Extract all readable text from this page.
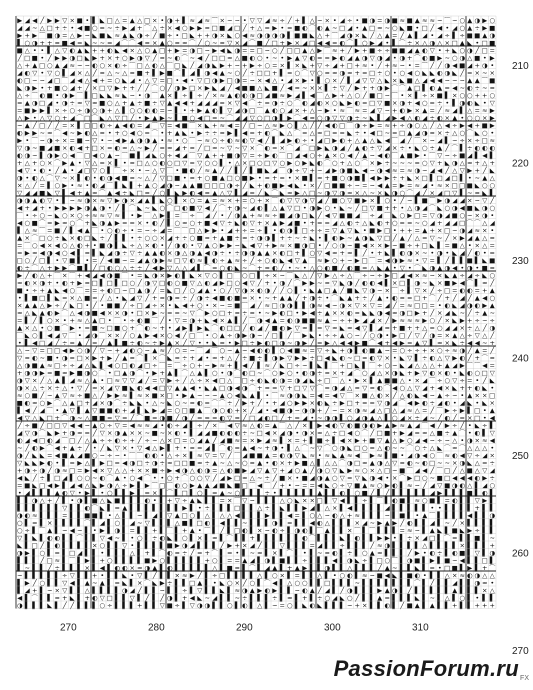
▶ ◢ ◀ ╱ ▶ ▶ ▽ × ■ • ▌ ◣ □ △ = ▲ △ □ × • ◑ + ▌ ≈ ◢ ≈ ⌒ × ∼ ∼ • ▽ ▽ ◢ ≈ ÷ ╱ + ▌ △ ∼ × • ◢ ÷ • ■ ◑ = ◑ ■ ≈ ■ ▲ ≈ ≈ ∼ ⌒ ∼ ○ ▲ ◑ ▶ ○
◢ ◢ ∼ △ □ + ÷ • ◀ ■ ○ = ∼ ÷ ▶ ◢ + ⌒ △ ÷ × ◀ ○ ▶ ▶ ≈ □ ■ ◢ □ ╱ + △ = ▶ • = ■ ◐ ⌒ ◐ ▲ ∼ □ ◢ • ▲ □ ≈ ∼ ○ ◣ ■ • □ ╱ ◀ • ◢ ○ ▲ ÷ ▶ ■
▶ + ▶ ⌒ ■ ◑ = △ ▶ ∼ ◣ ■ ◣ ≈ ▲ ◣ ◑ ÷ ╱ ■ ÷ • □ ◣ + + ◑ × ◣ ○ ◀ ≈ ◑ ◑ ◑ ◑ ▌ ■ ■ ◣ △ + ⌒ ◢ ◑ × ◣ ╱ △ ▲ = ╱ ▲ ▌ ◢ • ◢ ÷ ▌ ÷ ■ ■ ▲ ◑
▌ ○ ◑ + + ≈ ■ ◀ = ◣ ∼ ∼ = ◢ ⌒ ⌒ ◀ ≈ × ▲ ○ ≈ ≈ ⌒ ╱ ○ ∼ ≈ ▽ × ◢ ⌒ ■ ╱ □ + ▶ × ◢ □ ◀ ◀ = ◐ ⌒ ▌ ○ ▶ ◢ • ▌ ⌒ ÷ × △ ◑ △ × □ ▲ ◣ • □ ■
■ △ • • ▌ △ ▽ ◐ ▲ ◣ + + ◐ ◣ ◀ × △ ○ ▲ □ + ▶ = ◑ □ ∼ ▶ ◀ ◣ ◑ = = □ ∼ ○ ╱ □ □ ▲ △ ▶ ⌒ ≈ + ╱ ▶ + ■ ÷ ÷ ■ ■ ◢ ▲ ◐ ▽ • + ◣ ○ ◑ ╱ □ =
╱ □ ■ • ╱ ▶ ▶ ◑ □ ◣ ▶ + × + ○ ▶ ◑ ▽ ╱ ≈ ∼ ◐ ⌒ ∼ ◀ ╱ □ □ ≈ △ ■ ◐ ○ • ∼ • ▶ ▲ ▽ ◐ = = ▶ ◐ ◢ ▲ ◑ ▽ ◑ ◢ • ◑ + ⌒ ◐ ■ ▶ ∼ ○ ◑ △ ■ • ▶
△ + ▲ □ ○ ▲ ◢ ≈ ∼ ∼ ◐ ○ × ◐ ÷ ⌒ □ △ ◐ △ ⌒ □ ◣ ╱ ◢ ◑ ◣ ▶ + ∼ + ▶ ÷ ○ = × ▌ × ◣ + ▽ ÷ ◢ + □ + ≈ • ╱ + ≈ ∼ • = ⌒ ╱ ╱ ◑ ◀ ■ ◢ + ◑ •
◢ ◐ ▽ • ▽ ○ ▌ ◢ × △ ╱ ≈ △ ∼ △ ≈ ■ + ▌ ▶ ■ ⌒ ▌ ◢ ▌ ◑ ◀ ▲ ∼ ○ ╱ ÷ □ □ + ▌ = ○ ⌒ ▽ ○ ≈ ≈ ◑ ≈ + = □ ÷ ○ • ○ ◀ ○ ◣ ◣ ◐ ◑ ◣ ╱ = × ∼ ×
◐ □ ∼ ∼ ◢ □ ⌒ ◢ ◀ △ ◀ + = ○ ◣ ◢ • △ ▽ = □ • ◀ • ▽ □ ◑ ▶ □ ◑ = ∼ × ◀ △ • ◢ × ▶ • ▌ ○ × ╱ ▌ ◢ ▽ ▽ △ ◣ × ◣ ■ △ ◢ ◀ ◀ ∼ ∼ ∼ ▲ ▲ ⌒ ■
◣ ◑ ▶ • + ■ ○ ◢ + ╱ × □ ▽ ▶ + + ╱ ╱ ⌒ ○ ╱ ◑ ▶ □ × ▶ ◣ ◢ ╱ ◀ ■ ■ △ ◣ ■ ╱ ◀ ≈ ∼ × × ▌ ÷ ▽ ╱ ▶ + + ◑ ▶ ⌒ ⌒ ▲ □ ▌ ◐ ▲ = ◀ ∼ ◐ ÷ ∼ ≈
△ ÷ ⌒ ◐ ■ • ◑ ▶ ⌒ ▌ □ ◣ ◣ ≈ ◣ ∼ • ◑ ⌒ ▲ × ▌ ÷ ▌ ÷ ╱ × ≈ ▲ ◐ ◐ ◑ □ ◢ ■ ≈ ▶ ◢ ▌ ◀ ⌒ △ ▶ + △ ○ ╱ ■ □ ∼ ⌒ • × ▌ ÷ × ■ ▌ × ○ ○ + + ○
= ▲ ◑ □ ◢ • ◑ ÷ ≈ ▽ ≈ ■ ○ △ + ▲ ÷ ■ ÷ ▽ ▲ ◀ ◀ + ◢ ◢ ◢ = × ▽ ◀ ⌒ ÷ = ◑ ÷ ○ ⌒ ◐ ◢ ◐ × ○ ◣ ▶ ◐ = □ ▽ ■ × ◑ + ◀ ○ = ÷ • ▌ ◑ ◐ ◣ • ▽
= ■ ▶ ▶ ▌ × ÷ ○ ÷ ◑ ○ ◑ + △ ▌ ○ ○ ◐ ◐ = ∼ ▌ • + ▶ ▲ ◐ ▌ ▽ ◢ ◑ □ ⌒ ▲ ◐ ○ ◢ × + △ ∼ ▶ • ≈ ⌒ ≈ = ◢ ▽ ∼ + ◐ ▶ × ▲ = ╱ ≈ ◢ ▌ △ = ≈ ▶
△ ▶ • △ ▽ ○ + ◢ ⌒ □ ⌒ ◣ △ ▽ □ ╱ • ▶ ▲ ▶ ∼ ▌ ■ ○ ◀ □ = ∼ ⌒ ◢ ◢ ▽ ○ □ ◑ ▌ ▶ ⌒ ◀ ≈ ○ ◑ ▽ ▽ ◑ ÷ ∼ ◣ ▌ ◢ ▶ ◀ △ ◐ ◢ ÷ ◐ × ▲ • ○ ○ × ▶
∼ ▲ ╱ □ ╱ ╱ = × ▌ □ □ ◐ ÷ ▲ ◀ ◐ = ◢ ⌒ ▽ = ◀ ■ ⌒ × ◣ + ≈ ◀ = ╱ □ ∼ △ ≈ ▶ ○ ▌ △ ╱ ╱ ◀ ◐ □ ⌒ ◑ ÷ ▶ = ≈ + ÷ ◑ ○ △ ╱ △ ◀ ÷ ▶ ◀ + ■ ▶
◐ ▶ ▶ ∼ ≈ ⌒ ◀ ∼ ▶ ◐ △ ≈ • + ○ ◀ ○ = ⌒ • + ▲ ◣ • ▶ ÷ ÷ ≈ ▶ ▌ ◀ = + ◐ ⌒ ◣ △ ⌒ = △ ≈ □ = = ◣ ÷ • ◀ □ ∼ = □ ▲ ◢ ◑ ≈ × ÷ △ ○ ⌒ ◣ ○ •
▶ • ⌒ ∼ ◑ ÷ × = ■ ∼ ▽ • ∼ ◀ ▶ ▲ ◑ ◑ ▲ • ≈ • ○ ⌒ ∼ ≈ ○ ÷ ◐ ≈ ◐ ▽ ◀ ╱ ▌ ◢ ▶ ◐ ÷ • ◢ □ ▶ ◐ + △ ▲ △ ◣ ◀ ⌒ ◢ ╱ ⌒ × ∼ ◢ ▌ ∼ ÷ × ÷ □ ≈
▽ ◑ ∼ ■ ◢ ■ × ◐ ◀ + □ × = ◐ ≈ △ ∼ ▶ ╱ = ≈ ◢ + ≈ ╱ □ ≈ ∼ ▽ ∼ ▽ × ⌒ ◐ = × ⌒ ◢ ⌒ □ ▶ ◣ ◑ ◢ ╱ ▲ ◐ ÷ ▽ ◢ × ÷ • ◣ ○ ÷ ▲ ╱ ⌒ ▌ ÷ ◐ ◐ ◐
◐ ◑ ∼ ▌ ◑ ▶ ○ ◀ ⌒ □ ◀ ○ ▲ ∼ ⌒ ■ ▌ ◢ ◣ ○ ÷ ◀ ◢ ⌒ ▽ ▲ + + ■ ◑ ▽ = ÷ ▶ ◐ ⌒ □ ◢ ◀ ○ ÷ ▲ × ○ ◀ ╱ ▲ ∼ ◀ ◐ ⌒ ▲ ■ ▶ • ⌒ ▽ ∼ ÷ ■ ◢ ▌ ◀ ▌
+ △ + ○ × ⌒ ▶ ▲ • ▽ △ = × ▌ • ≈ □ △ ○ ◐ ○ □ ▽ = ▽ ○ ○ ▌ • △ × □ ○ □ ▽ ○ ▶ ○ ▶ ◣ ◐ ⌒ ○ + △ ○ ⌒ × ▶ ÷ ∼ ∼ ∼ = ○ ▽ + ◣ ◑ △ ≈ + △ +
◀ ▽ • ◐ • ╱ ▲ • ◢ □ ▽ ○ ▌ ⌒ ÷ × • ∼ △ ▽ ⌒ • ■ ◐ ╱ ≈ ▲ ╱ ╱ ▌ ╱ ▌ ■ ◣ ◢ ⌒ ◑ ÷ ▽ + ∼ ◢ ▶ ◑ ■ ◣ ◀ ∼ ◑ ◀ ≈ = ≈ ◑ ∼ ◢ ◀ ╱ △ ▽ ▶ + ╱ ◣
◑ • ◐ △ ⌒ ▽ ∼ × ▌ ◐ • ◐ ◑ ◀ ■ ≈ ∼ △ ╱ ▽ □ ■ • ≈ + ○ ■ ▲ □ ○ ■ ▶ • ≈ + = • × ■ ▌ ≈ + ■ ○ ◑ ■ ▌ ◀ ▶ ▶ ÷ + ◣ × □ ▌ □ ◢ □ ▌ • ∼ ▲ △
× △ ╱ = ▌ ○ ▶ • ≈ • ◐ ◢ ⌒ ▌ ◣ ▌ + ▲ ○ ◢ ◑ ∼ ▲ ▲ ■ □ □ □ ◑ ÷ ╱ ◣ + ◐ ■ ▶ ◀ ◣ • × ╱ □ ■ ■ ÷ ∼ = ∼ ◀ ▲ = ▶ = ≈ ◢ • ≈ × □ □ ■ ◣ ○ ○
▽ ◢ ◢ ■ ◣ ▽ ▌ ◀ + ▲ ≈ ⌒ ▲ ◀ ÷ ◣ □ ≈ ╱ ○ ▌ ◣ ▶ ◐ ◀ ≈ ▲ △ ▽ ▌ ◢ = ╱ ◣ ⌒ ◣ ≈ ▶ △ □ ∼ ◑ ▽ ◑ ≈ × △ ∼ × ◣ ◑ ○ ⌒ ◢ ╱ × ◢ □ ▽ ▌ ∼ ≈ ◣ ▌
◑ ◑ ▲ ◐ ▽ • ▌ ∼ ≈ ◑ × ≈ ▽ ▶ ◑ × ◢ ▲ ▌ ◣ ○ ▌ × ○ = ▲ = ≈ × + = ○ + × ⌒ ◐ ▽ ▽ ◑ ▽ ◢ ╱ ■ ○ ▽ ■ ▶ × ▌ ○ • ╱ ∼ ▌ ■ ⌒ ▶ ◑ ◢ ◢ × ∼ ▽ ╱
◀ + ◢ + • ▶ ▶ ▶ ▶ ◑ ▲ ◑ • ╱ ▌ ⌒ ◣ ∼ ◣ ○ ⌒ □ ◐ ■ ▽ ◀ ╱ ⌒ + ◑ ∼ ◢ ◐ ▌ △ ▲ ▽ □ • ◑ ▶ ○ • ◣ ∼ ╱ □ ▽ ■ + + • △ ◑ ◢ ⌒ ◣ ○ ◑ ◀ ■ ◣ ◑ ○
⌒ • ÷ ○ ∼ ◣ ○ × ○ ÷ ≈ ≈ ▽ ≈ ▌ • ▶ ⌒ △ ▶ ▌ = ⌒ ÷ ⌒ ◢ ╱ • ╱ ◑ ▲ + ≈ ≈ ÷ ■ ◢ ◑ □ ◣ ╱ ◀ ▽ ■ ■ ◢ ⌒ ÷ ◢ ⌒ ◣ ○ ▶ □ = ▽ ◑ ◢ ■ ○ ∼ × ◑ •
◀ ○ ■ ⌒ = ▶ ≈ ○ ⌒ + ◣ ◑ ▲ ▶ = = × • ◐ ╱ ▌ ○ ≈ ○ + ■ ◀ ▽ ÷ ◣ ◐ ▽ + × ▲ ▶ ◢ ■ • + = = ◢ △ ◐ ÷ △ ◣ ◐ + ○ = = ∼ ○ ◢ + ◢ ◢ □ ⌒ ⌒ △ ◢
▌ △ ≈ ⌒ = ■ ╱ ▌ ◀ ▲ ⌒ • ○ ◐ ÷ • = ∼ ÷ ◢ = ⌒ ⌒ □ △ ▶ ▶ • ◢ + ÷ = ÷ ▌ • ◐ ◑ ▌ □ ÷ ÷ = ▽ ▲ ▽ ◣ • ■ ▶ □ • + + = ▲ + × □ ∼ ◑ ◢ ≈ × •
▲ × ⌒ □ ○ ÷ ◣ × ◐ □ ◣ ÷ ╱ ▌ ▌ • ÷ ○ ○ × ◢ + ÷ ○ ■ ≈ + ▲ ■ ÷ ≈ ÷ ◑ ◑ ▌ + ÷ ∼ ÷ ◣ • ▌ ◐ ▶ ∼ ▲ ◑ ◣ ▽ □ ╱ ▲ ╱ △ = ▽ ∼ ╱ × ▶ ◢ ▲ △ ≈
= ⌒ ○ ◀ × ◀ ○ △ ◐ + • ■ ◑ ▌ ◣ ÷ △ × ◐ • ╱ ◑ ◐ • ▽ ▲ ○ ▶ ▶ ∼ ◣ ◀ ▽ + ▶ ≈ × ■ ◑ □ • ╱ ○ ◑ ∼ ■ ◀ × × ▶ ∼ ■ ÷ + □ ◣ ▌ = ■ △ • × △ =
= ▶ ≈ ◀ ◑ ◀ ○ ◀ ▌ ≈ ▌ ◣ ◢ ◑ ÷ ▽ ÷ ▲ ▲ ◐ × ◑ △ ◑ ▲ ◀ ◑ ÷ • ÷ ◑ ◑ ▲ ▲ × ◐ □ + ▌ ○ ▽ ◀ ≈ + ≈ ▌ ╱ • + ◣ ▌ ◐ ◑ × ∼ • ◑ • ◣ ◢ ╱ ◐ • =
□ ○ ╱ □ ▌ • ▽ ■ ▌ • = ╱ ◀ ■ ∼ = ◢ ▲ ◑ ▶ ≈ □ ▽ ◐ ≈ ▌ ◐ ÷ ▲ ≈ ÷ ╱ ÷ ○ ◐ ◣ ◀ ▽ ▲ ⌒ ≈ ▶ ○ + ∼ ▶ □ ⌒ = ◀ ◑ ▶ ≈ • ▽ = ▌ ╱ ▌ ▌ ■ ▌ ◣ ■
◐ ÷ ⌒ △ + ▶ ▶ ⌒ ■ ▌ ╱ □ ◐ ○ △ ÷ ÷ ╱ ◀ ▶ ▽ △ △ ◢ ▌ ⌒ = ○ ◐ ◣ ∼ ⌒ + ≈ ◐ ╱ • ∼ • △ ○ ◐ ■ ╱ ◐ ■ = △ ◣ ▲ • ▽ • ⌒ ◣ ◑ ▲ ◑ ◀ • ◑ • ■ ≈
▶ ╱ ◐ △ + ⌒ × ⌒ + ◀ ◢ ◀ ◑ ■ ⌒ • = ◣ ◑ × ▶ ◐ ▌ ◣ × ▽ ○ ▌ □ ⌒ ○ □ ▌ ÷ × ∼ ⌒ ◣ △ ╱ ▽ ▶ △ ÷ △ ⌒ ÷ ∼ ÷ ▶ □ ◢ ◀ × ≈ ∼ × ◣ ▲ ÷ ◢ ÷ ◣ ○
≈ ◐ × ◑ + • ◐ + ▶ ≈ □ ▌ □ ▌ □ ○ ╱ ◑ ▽ □ ◐ ○ ■ ▽ △ ◐ ◢ ▶ □ ○ ◀ ▽ ╱ + • ◑ ╱ ⌒ ▶ ▶ ∼ ≈ ▽ ◣ ◑ ╱ ◐ ◐ ◀ ▌ × □ ▌ ◑ ∼ ◣ × ■ ▶ ◀ ⌒ ▌ ≈ ╱
■ • ÷ + ▲ ◣ ◀ ○ ⌒ = = ÷ ◐ □ ∼ □ ▲ ◑ ╱ = ◣ □ ╱ ○ ◢ ▲ • ○ ╱ ▽ ◑ × ◐ ◑ ╱ ╱ ○ ▌ • ◣ ▲ □ ▲ ╱ ■ ◣ ▽ ◑ ∼ × ⌒ ÷ ▌ ▽ × ╱ ÷ □ = ◐ ◐ = + ▲
• ▌ ■ □ ▌ ◣ = × △ ■ ≈ ╱ △ • ◣ ◢ ▽ ╱ + ≈ ◑ ≈ ÷ ╱ ◑ ÷ ◀ ■ ◐ ■ = × • ∼ + ▲ ▲ ╱ + ◑ ÷ • ⌒ ◣ ▲ + ÷ ╱ ▲ • ◐ ≈ = □ + ⌒ ╱ + ╱ ◢ ╱ ▲ ◀ ○
× ▲ ▲ △ ▶ ÷ ╱ ◣ □ • ╱ • ■ ■ ╱ ÷ □ ◢ ÷ × • ◣ ◀ + ○ • × ∼ = ■ ⌒ ◢ ╱ ≈ □ ◑ ◑ ▌ ▌ ◑ ≈ ◀ ∼ ◑ × ▽ × ▽ = ◢ ╱ = ≈ □ □ = • ◐ ◣ ◢ ◑ ◐ ▶ ▲
≈ △ ◣ ▲ ◐ ▶ ⌒ △ ◀ ◑ ■ ◀ × × ◑ • □ × ▶ ∼ = = ∼ ▽ ⌒ ▶ ○ □ + ≈ ÷ ≈ • ∼ ▶ ◐ □ • ▶ ◀ ÷ ▲ × × ◐ ≈ ◣ ◣ ◑ ◀ ≈ ◑ □ ▶ + ╱ × ◢ ◣ ∼ ╱ ÷ ▲ ∼
= ▌ ╱ ▌ ○ × • + ≈ △ ▲ □ • ⌒ • ÷ ◐ ■ ⌒ ╱ • ▽ = ◑ + ◣ ◀ × ▲ ▌ ╱ ⌒ ◑ ◀ ▲ = ◐ ◑ ■ ■ ≈ ▲ ∼ ÷ + ▶ ◢ ◢ × ╱ ▶ ≈ ≈ ≈ ▶ ○ ╱ × ◣ ▶ + ÷ ∼ ÷
▲ × △ • ○ ■ ⌒ ▶ • = ■ ∼ □ ■ ○ + ⌒ ◐ ∼ + • ◢ ▶ ▌ ▶ ◣ ⌒ ◐ □ □ ╱ ◐ ◢ ╱ ■ ◐ ▶ ▽ ≈ ▌ = ▽ ≈ ◣ ≈ ◀ ▽ ▌ ◢ ≈ + ■ + + △ = ○ ◢ ◢ × ÷ △ ╱ ◑
⌒ ◣ ○ ▌ ◀ ◢ ▽ ⌒ • ◢ ◑ ⌒ × × ╱ ○ ▲ ▶ ◀ × ○ ◀ ╱ □ ⌒ • ○ ▲ ÷ ◑ ▶ ◑ ∼ ╱ □ ▌ ╱ ⌒ ▶ ◣ • ÷ ÷ ▲ ○ ∼ ╱ ○ ◑ • ▶ □ ╱ ▽ ╱ ◑ = × ▲ △ ÷ ▽ △ ╱
• ▌ ◀ □ ◢ ╱ ÷ = ▲ ╱ = ╱ ▲ ▌ ■ ÷ ◐ ∼ ÷ ▶ ▲ × ╱ ▽ • • ◣ ≈ • ▶ □ ÷ ▶ ◐ □ ◑ ∼ ◑ ▶ ╱ = ▶ △ ◀ ◀ ▶ ■ ⌒ ◀ + ◀ ▶ = ▲ ▽ ▌ ≈ × ◣ ÷ ◀ ◀ ∼ +
△ ∼ ▽ = □ □ ◀ ▶ ○ ◑ ╱ ▽ ∼ + ◢ ◐ ○ ∼ ▲ ≈ ╱ ○ = ∼ ⌒ ◢ ⌒ ○ ∼ ▲ ∼ ◀ ◐ ◐ ▌ ○ ◀ ■ ≈ = ▽ ÷ ◣ + ◑ ▌ ◐ ■ ▲ ∼ = ○ ÷ ÷ + × ○ ÷ ≈ ◑ ╱ ▲ = ╱
▽ ≈ ◐ ∼ ■ • ◑ = □ × ▶ + ▶ ╱ ▲ ≈ ⌒ ▌ × ⌒ ◣ ≈ ÷ + ◢ • ≈ + △ ╱ ÷ ■ ÷ ▌ ◑ ▶ ▽ ▶ ▶ ÷ □ ◀ ◣ ◐ ∼ □ = ◐ ▽ × • ◣ ▽ ▌ ÷ ◐ △ ▽ ▶ ◐ ╱ + ⌒ ≈
△ ◑ ■ ▲ ≈ □ ÷ ÷ ◢ △ ◣ ▌ ◀ ○ □ ◐ ◢ □ ÷ ⌒ = ⌒ ÷ ○ + ∼ ▶ ≈ + ▌ ◀ ╱ ▌ ≈ ╱ ◣ □ ÷ ∼ ▌ ◣ ▌ ⌒ + □ ◣ ▌ ⌒ ÷ ○ ∼ ◣ ◢ △ △ △ + ▲ ◢ ▶ ⌒ ⌒ ◀ =
+ ◑ ◑ ▶ = ■ ≈ ▶ ■ ◑ ○ ⌒ • □ ▲ ◑ ⌒ • ▶ + ▲ ▌ ⌒ △ ▲ ▌ ○ • ◑ ⌒ ◐ □ ∼ ⌒ ○ ▶ ○ • ◐ ◑ ÷ ≈ × + ◢ ⌒ ○ ◢ △ × ◑ ◣ + ▶ ▽ ◐ × ◐ • ◣ ◐ ○ □ ▽
◑ ▽ × ╱ △ ▲ ▌ ◢ ≈ △ ▲ • □ ≈ ▽ ▽ ◢ ╱ = ▽ ▶ ÷ ╱ △ ÷ × ◀ □ △ ⌒ □ ÷ ◐ ◣ ◐ ◑ = ◑ ◢ ◣ ÷ □ ⌒ △ • ▶ × ▌ ▲ ■ ■ △ • × ◢ ⌒ ÷ ○ ▽ ÷ = • ╱ ◣
◑ × △ ÷ × ÷ △ • ▽ ╱ ≈ × ◢ ▽ ■ ◣ ◐ ◀ ◀ □ ▽ ▲ ▲ ◀ • ◣ ▲ □ ◑ ◀ ◑ ⌒ + ≈ = ▽ + □ ▽ ▽ ⌒ = ◑ ◢ △ ≈ ▽ ≈ ◐ ⌒ ◀ ○ △ ▽ ◢ + ◀ × ◣ + + ◐ ◣ •
≈ ○ ■ ╱ ∼ ▲ ▽ ≈ ÷ ■ △ ╱ ▶ ▶ ≈ ▌ ≈ × ■ × □ • ▶ ▲ ∼ ∼ ∼ ▲ ○ ◀ ◣ ▲ ▌ • ⌒ ≈ ◑ ◑ ◣ = ◀ = ◀ ▽ ⌒ × ■ △ ◐ × ╱ △ ◐ ◣ ◀ ∼ ▲ ÷ ∼ • ▲ × × □
■ ◐ ≈ ○ ▶ ⌒ △ ▲ □ + ◢ × ◑ ⌒ ÷ ◣ ◣ • △ ∼ ◣ ○ ∼ ≈ ◐ = ⌒ ⌒ ÷ ╱ ▶ + ╱ • + ◢ ○ ▶ ▶ × ◐ ◣ ÷ ▶ □ + = = ▽ ◑ ◢ ⌒ ◀ ▶ ◐ ÷ ◢ ◐ • ◢ ◣ • ◣ ×
▌ ◀ ╱ ◢ ⌒ • ▲ ▽ ▌ ▲ ▽ ■ ■ ◐ + ◢ ▌ ◣ ▶ ◢ = ○ □ ■ ▲ ⌒ ◑ ○ ◐ + × ╱ ◢ • ◀ ■ ◑ ∼ ◑ ◑ + ╱ ∼ = × ◑ ≈ ◢ △ □ △ ◢ ≈ △ = ╱ ⌒ ▶ ÷ ▶ ▌ □ • ▲
◀ ▽ △ ◣ □ + ⌒ ◑ ∼ △ ■ ■ = ▽ = ╱ ⌒ ■ = ◑ ■ ╱ ◑ ╱ = = = ◐ ▽ ≈ ╱ □ ◢ ◐ □ ╱ + = ◢ • ∼ ◑ ◑ ▌ ○ ◢ ◑ ▲ △ ▌ ○ ◢ × ÷ ◢ ∼ ╱ ◐ ╱ = × □ • ◀
╱ ÷ ■ ╱ □ □ ▽ ◀ ◀ ∼ ▲ ○ ÷ ▽ = ◀ ≈ ≈ ◢ • ◐ ÷ ◢ ▌ ÷ ╱ × ⌒ ◀ ▽ ≈ △ ◐ = ▲ ⌒ △ ╱ × ▌ ▶ ◀ ◐ ▽ ◐ ■ ◑ ◐ ▶ ▲ ▶ ≈ ▲ ◢ ⌒ ◀ ╱ ▶ ÷ ╱ • ◣ ÷ ▌
◢ ▽ ◑ ⌒ ◣ ▶ + ◑ ≈ = ╱ ▽ × ◑ ▲ × × ∼ ■ ∼ × ◐ • ▌ ◢ ◢ ■ ◐ ◐ ◐ ÷ ∼ □ ◀ × ◢ ◑ • ◑ × ≈ △ ÷ □ ◀ ○ ⌒ ╱ □ ■ + ▶ ◢ = ≈ △ ■ ÷ ▲ ⌒ • ◐ ▌ ▽
◐ ◢ ◀ □ ◐ ◢ ⌒ □ ╱ △ ▲ ÷ ÷ ◐ ÷ + ╱ ÷ ∼ △ × □ = ○ ◢ ▲ ╱ ◢ ■ ≈ = × ▶ ◢ ≈ ▌ × = + ▌ ■ ÷ ▌ ◀ × ▶ + ■ ▽ ▲ △ ▶ ○ ◢ ◀ ∼ ÷ ∼ △ • ◑ × ≈ ◀
∼ ╱ ◐ ▶ ⌒ ◀ + ▲ ÷ ╱ • ╱ ◣ ▽ × • ▽ ◀ △ ▶ ▌ + • ≈ = ◢ ▌ ⌒ ◐ = ▲ ◀ ∼ + ◑ • ▌ △ ⌒ ∼ ▽ ⌒ ○ ◑ ◣ □ ○ = △ ◐ ∼ ∼ ⌒ ○ ÷ △ ◣ ⌒ ≈ ⌒ △ △ △ •
◑ ╱ ◣ ◣ = ◀ ■ ▲ ◢ ■ ○ ∼ ÷ ∼ • ⌒ ⌒ ◐ ◐ • △ ÷ × ▌ ≈ ▽ = ▽ ╱ ⌒ ◢ ■ ■ ▲ = ◐ ◑ ▽ ◣ ≈ • ≈ ◣ ▲ ≈ ◀ ⌒ ▶ ≈ ▌ ■ • ◢ ◑ ◀ ○ ⌒ ≈ ◐ ◀ ▽ ÷ ◢ ×
▽ ◣ ◣ ▶ ◐ • ▌ = ▶ △ ▌ ▶ □ = ◀ ◑ □ ÷ ◑ ÷ ≈ □ □ ■ ≈ ÷ ▲ ∼ △ ∼ ○ ≈ ▲ • ◐ × + ▶ ■ △ ▌ △ △ ⌒ ◑ □ ≈ ▲ ◑ △ ▽ ≈ ◐ ∼ ◐ □ ∼ ∼ × ◑ ◣ △ = ÷
+ ◑ ÷ ◑ ╱ ◑ ≈ □ = ▶ ◀ × ▽ △ △ + × × ■ ÷ ▶ ◀ ◑ △ ◐ ◑ = △ ◐ ■ ▶ ◢ ▽ ▲ ▽ + ◢ ○ ▲ ╱ ◑ ○ ▽ ◣ ▶ ≈ ○ × △ □ ∼ ■ ⌒ ◢ ◀ ╱ ⌒ □ ╱ △ ■ △ ▽ ◢
◀ ◣ ╱ ÷ ▌ □ ◢ ▌ ○ ○ ∼ ◐ ⌒ ▲ • ○ ◀ ⌒ • • ○ + ⌒ ○ ○ ▽ ╱ ◢ ▶ □ ≈ △ ∼ ÷ ╱ ■ × • ■ ◢ ◑ ▲ ○ ▽ = ▽ ◣ ◑ ◀ • × ⌒ ▶ □ ○ ∼ ■ □ ◀ ◀ ◀ ◐ ▶ ÷
= ■ ◣ □ ◀ ▶ ▌ ◢ ◀ △ ◣ ▶ ◑ △ ÷ ▶ ▌ ▶ ⌒ □ ⌒ ◐ ○ ▶ ▲ ▲ ◢ ■ ◣ ■ □ ⌒ ◀ ⌒ ╱ + • ∼ = = ◀ ◣ ○ ÷ ▽ ■ ▲ ≈ ○ ▶ ◐ ▌ ≈ ∼ ╱ ◢ ▽ ■ ◑ ◐ △ ▌ ◢ ○
• ◢ ▌ ▌ ▌ ▲ ◐ ▽ • ▶ ▌ • ○ ▌ ▌ ▶ ▌ = × ▌ ⌒ ▌ □ ▌ ○ ▌ = ▲ ∼ ○ ▌ ▌ ▌ ÷ • ▌ ▌ ▌ ▌ ▌ ▲ ▌ ▌ ◐ ▌ ○ ■ ╱ ▌ ╱ ▌ ▌ ▌ ▌ ▌ ◢ ▶ ▌ ▌ ▌ ■ ▌ ◐ ▌
▌ ▌ ◑ △ + ╱ ▌ • ◑ ▌ ■ △ ◣ ■ ▌ ▌ ▌ ◐ • ▌ + ▽ ÷ ▲ ◣ ▌ ▌ = × ⌒ ▽ ∼ ▌ ▌ ▌ △ ○ ◣ × × □ ▌ ▽ ◀ ▌ ▌ ÷ ▌ ⌒ ▌ ◐ ■ ▌ ≈ ○ ■ ▌ = ◐ ▌ ▌ ▽ ▶ ▌
▌ ▌ ▌ ▌ ▌ ▌ ▽ ▌ ▌ ◐ ⌒ ◣ ▌ = ▲ ▌ ▌ ▌ ▌ ▌ ▌ ▌ ▶ ▌ • ÷ ▌ ▌ ▌ □ ▌ ▌ △ ÷ ▌ ◣ ▌ ▌ ▶ ◢ ▌ △ × ▌ ◀ ▌ ▌ ▌ ▌ ◢ ▌ ▌ ▌ ▌ ▌ • • ▌ ▌ ▌ ▌ + ▌ ▌
◑ ◐ ≈ ▌ ▌ ▌ = ▌ ▌ ■ ■ ▌ • △ ▌ ▌ ∼ ▌ ◢ ▌ ▽ ▲ □ ○ ▌ △ ▌ △ △ ◀ ▌ ▌ ▌ ▶ ▌ ▌ ◀ = ▌ ○ △ ∼ ◐ △ + ≈ ▌ ▌ ▌ ∼ ▌ ■ ▌ • ▲ ⌒ ▌ ▌ ▌ ▌ ◀ ▌ ▌ ◑
○ ▌ = ▌ × ▌ ▌ ▌ ▌ ⌒ ▌ ◢ ▌ ○ ▌ ◢ ∼ ▽ ▌ ▌ ▌ △ ■ ▌ □ ◐ ▌ ◀ ▌ ▌ ∼ ▌ ▌ ▌ ◑ ▌ = ▌ ▌ ◀ ◐ △ ▌ ▌ ▌ × ◢ ∼ ▶ ▲ ▶ ╱ ◐ ▌ ▌ ◢ ▌ ∼ ╱ × ▌ ▌ ▌ ▌
○ ÷ ▌ ⌒ ▲ ▌ ∼ ◀ ∼ ▌ • ▶ ▌ ◑ ▌ = ▌ ▌ + ▌ ⌒ ▌ + ▲ • ⌒ ▌ ╱ ▌ □ ◐ ▌ × ∼ ◐ ÷ ▌ ◑ ◐ ▌ ⌒ ▲ ▌ ▌ × ⌒ ▌ ⌒ ▌ ▌ ▌ = ≈ ∼ ▌ ▲ ◣ ▌ ■ ◣ ▶ ÷ ▌ ▌
▽ ▌ ◣ ▌ ◐ ◐ ▌ ▌ ⌒ ▌ ▌ ▽ ◀ ∼ ▌ • ○ ▌ ÷ ◐ ◣ ▌ ○ ▌ × ▌ ≈ ▌ ⌒ ▌ ▌ + ▌ ▌ ▌ ▌ ▌ ▌ ◐ ⌒ ▌ ▌ ▌ ◣ ▌ ◐ ▌ ▌ ▶ ▶ • ▌ ÷ × ◢ □ ▌ ⌒ = ▌ ▌ ■ ▌ ∼
◣ ▌ □ ╱ ▌ ◐ ▌ ▌ ▌ ▌ × ○ ▌ ▌ ▽ • ▌ ▌ ▌ ▌ ■ ▶ ◑ ◢ ▌ ▌ ▌ ╱ ▶ + × ◢ ╱ ▌ ▌ ▽ ▌ ▌ ▌ = ◢ ▌ ▌ ÷ ▌ ▌ ▌ ╱ ≈ ◑ ▌ ▌ ▌ ▌ △ ▌ ▌ ▌ ▌ × ▌ ▌ ▌ +
◑ ▶ ▌ ○ ▌ = ▌ □ ◢ ▌ ▌ • ▌ ▌ ▌ △ ▌ + ▌ ⌒ ◐ ≈ ÷ ╱ = + ⌒ ▌ = • ▌ ∼ ≈ ▌ × ▌ ⌒ ▌ • ▌ ∼ ≈ ◐ ▌ ÷ ▌ ○ ▲ ≈ ▌ ▌ ▌ ╱ ▶ • ◐ ÷ ▌ ◐ ■ ▌ ▽ ▌ ◑
▌ ▌ ▌ ╱ □ ≈ ▌ ⌒ ▌ ▶ ▌ + ○ ▌ ▌ ▌ ▌ ■ ▶ ○ ▌ ▌ ▌ ▌ ▌ + ○ ▌ = = ▲ ◢ ▌ ◑ ▌ ■ ▌ ▌ ÷ ▌ ▌ ▌ ◀ ▌ ◑ ◣ ÷ ▌ □ ○ ⌒ ▌ ◑ ■ ▌ ▶ ▌ ■ ∼ ◀ ▌ ▌ □ ▌
▌ ∼ ▌ ▌ ╱ ÷ ▌ ▌ ▌ × ▌ ◀ ▌ ◐ ◐ × ≈ ◑ ▲ ▌ ◐ ▌ ▌ ▌ ▌ ▌ △ ▌ ■ ≈ ▌ ⌒ ▌ ◢ ▲ ▌ + ▲ ▶ ▌ ▌ ◑ ▌ ▌ △ ▌ ▌ ▌ ╱ ▲ ∼ ▌ ▌ ◣ ▌ = • □ ■ ▌ ▶ ▌ + ⌒
∼ ▌ ▌ ▌ ▌ ▌ ÷ ▽ ▌ ▌ + • ▌ ▌ ◣ • ▽ ▌ ╱ ▌ ▌ × ≈ ▶ ╱ ▌ ÷ □ ▌ ▌ ▌ ▌ △ ▌ ○ × ▌ = ▌ ▌ △ ▌ • ○ ◐ ▌ ≈ ∼ ■ ◀ ◣ ▌ ■ ◐ • ▌ ▌ △ × ≈ ◐ ◑ △ △
▌ ▶ ╱ ○ ▌ ▌ ▽ ◀ ▌ ▲ ∼ ▲ ▌ = ◣ ▌ × ⌒ ◣ ▶ ÷ ▌ ▌ □ ▲ ▌ • ◣ ○ × ╱ ○ ▌ ⌒ ◀ ▌ △ ○ ○ ▌ ▌ □ ▌ ▌ ▌ ∼ ▌ ▌ ▌ ▌ ▌ ▌ ▌ ⌒ ▌ ╱ ▌ ▌ ◢ ▌ ▌ ◑ ≈ •
▌ ◢ + ▌ ∼ × ▽ ▌ ▌ △ ▌ ▌ ▌ ▌ ◑ ◢ ╱ ▌ ▌ ∼ ▌ ▌ ÷ ▌ ▽ ▌ ▌ ◣ ▌ ≈ ◑ ▲ ▶ ◐ ▶ ▌ ▌ ∼ ◐ ▲ ╱ ◢ ▌ ╱ ◑ ▌ ▌ ▌ ▶ ▲ ◑ ▌ ╱ ▌ ▌ ▌ ▌ ▌ ▲ ▌ ▌ ▌ × △
◀ ▌ ⌒ ▌ ▌ ≈ + ◣ ▌ + ◐ ▽ □ ▌ ▌ ▽ ▌ ╱ ▌ ╱ ◑ ▌ + ◀ ◣ ∼ ◢ ▌ ▌ ∼ ÷ ▌ ▌ ▌ ÷ ▌ ≈ ▌ + ▌ ÷ ○ ◢ ◣ ○ ╱ ▌ ▌ ▲ = ▌ ▌ ▌ ◣ ▌ ∼ ▌ △ ▌ ○ ▌ • ▌ ▌
◑ ▌ ▌ ▌ ◣ ▌ ╱ ╱ ▌ ▌ ▌ ○ ÷ ▌ ▌ ▌ + ▌ ▌ ▽ ■ ÷ ▌ ▽ ◑ ◑ ▌ ▌ ○ ▌ ◐ ▌ △ ▌ ∼ = ○ ▌ ◣ ◐ ◣ ▌ ▌ ▌ ∼ + × ▌ ▌ ◐ ▌ ╱ ■ ▲ ▌ ▲ ▌ ▌ + ▌ ▌ + + +
210
220
230
240
250
260
270
270	280	290	300	310
PassionForum.ru FX
